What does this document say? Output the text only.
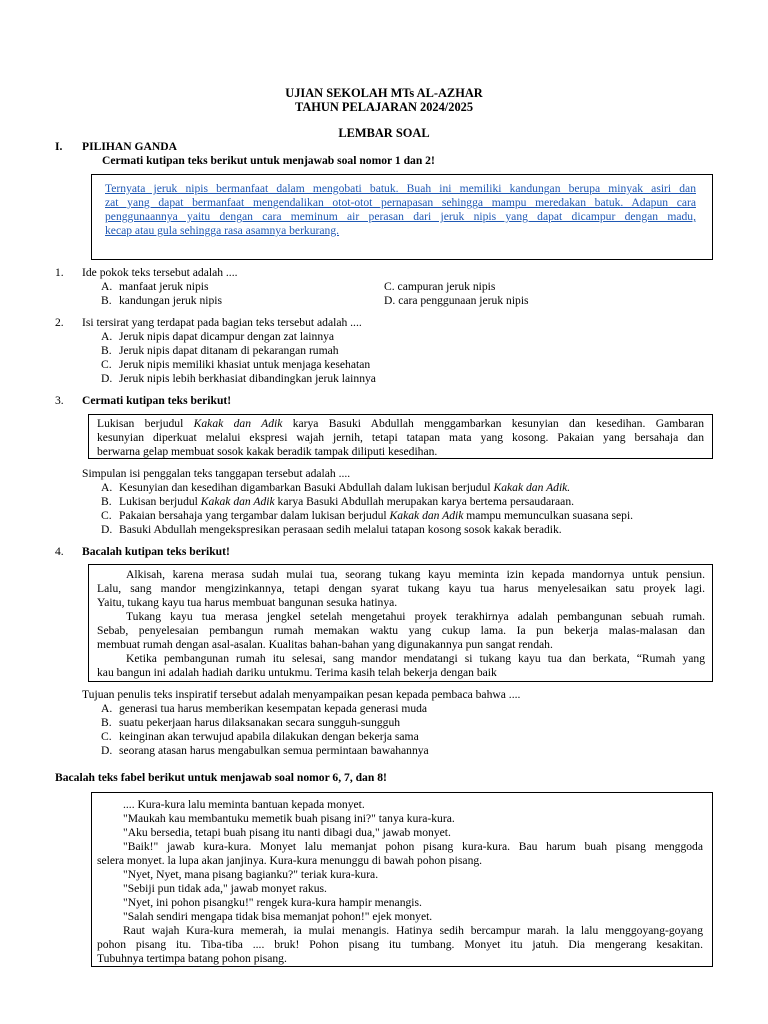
UJIAN SEKOLAH MTs AL-AZHAR
TAHUN PELAJARAN 2024/2025
LEMBAR SOAL
I. PILIHAN GANDA
Cermati kutipan teks berikut untuk menjawab soal nomor 1 dan 2!
Ternyata jeruk nipis bermanfaat dalam mengobati batuk. Buah ini memiliki kandungan berupa minyak asiri dan
zat yang dapat bermanfaat mengendalikan otot-otot pernapasan sehingga mampu meredakan batuk. Adapun cara
penggunaannya yaitu dengan cara meminum air perasan dari jeruk nipis yang dapat dicampur dengan madu,
kecap atau gula sehingga rasa asamnya berkurang.
1. Ide pokok teks tersebut adalah ....
A. manfaat jeruk nipis
B. kandungan jeruk nipis
C. campuran jeruk nipis
D. cara penggunaan jeruk nipis
2. Isi tersirat yang terdapat pada bagian teks tersebut adalah ....
A. Jeruk nipis dapat dicampur dengan zat lainnya
B. Jeruk nipis dapat ditanam di pekarangan rumah
C. Jeruk nipis memiliki khasiat untuk menjaga kesehatan
D. Jeruk nipis lebih berkhasiat dibandingkan jeruk lainnya
3. Cermati kutipan teks berikut!
Lukisan berjudul Kakak dan Adik karya Basuki Abdullah menggambarkan kesunyian dan kesedihan. Gambaran
kesunyian diperkuat melalui ekspresi wajah jernih, tetapi tatapan mata yang kosong. Pakaian yang bersahaja dan
berwarna gelap membuat sosok kakak beradik tampak diliputi kesedihan.
Simpulan isi penggalan teks tanggapan tersebut adalah ....
A. Kesunyian dan kesedihan digambarkan Basuki Abdullah dalam lukisan berjudul Kakak dan Adik.
B. Lukisan berjudul Kakak dan Adik karya Basuki Abdullah merupakan karya bertema persaudaraan.
C. Pakaian bersahaja yang tergambar dalam lukisan berjudul Kakak dan Adik mampu memunculkan suasana sepi.
D. Basuki Abdullah mengekspresikan perasaan sedih melalui tatapan kosong sosok kakak beradik.
4. Bacalah kutipan teks berikut!
Alkisah, karena merasa sudah mulai tua, seorang tukang kayu meminta izin kepada mandornya untuk pensiun.
Lalu, sang mandor mengizinkannya, tetapi dengan syarat tukang kayu tua harus menyelesaikan satu proyek lagi.
Yaitu, tukang kayu tua harus membuat bangunan sesuka hatinya.
Tukang kayu tua merasa jengkel setelah mengetahui proyek terakhirnya adalah pembangunan sebuah rumah.
Sebab, penyelesaian pembangun rumah memakan waktu yang cukup lama. Ia pun bekerja malas-malasan dan
membuat rumah dengan asal-asalan. Kualitas bahan-bahan yang digunakannya pun sangat rendah.
Ketika pembangunan rumah itu selesai, sang mandor mendatangi si tukang kayu tua dan berkata, “Rumah yang
kau bangun ini adalah hadiah dariku untukmu. Terima kasih telah bekerja dengan baik
Tujuan penulis teks inspiratif tersebut adalah menyampaikan pesan kepada pembaca bahwa ....
A. generasi tua harus memberikan kesempatan kepada generasi muda
B. suatu pekerjaan harus dilaksanakan secara sungguh-sungguh
C. keinginan akan terwujud apabila dilakukan dengan bekerja sama
D. seorang atasan harus mengabulkan semua permintaan bawahannya
Bacalah teks fabel berikut untuk menjawab soal nomor 6, 7, dan 8!
.... Kura-kura lalu meminta bantuan kepada monyet.
"Maukah kau membantuku memetik buah pisang ini?" tanya kura-kura.
"Aku bersedia, tetapi buah pisang itu nanti dibagi dua," jawab monyet.
"Baik!" jawab kura-kura. Monyet lalu memanjat pohon pisang kura-kura. Bau harum buah pisang menggoda
selera monyet. la lupa akan janjinya. Kura-kura menunggu di bawah pohon pisang.
"Nyet, Nyet, mana pisang bagianku?" teriak kura-kura.
"Sebiji pun tidak ada," jawab monyet rakus.
"Nyet, ini pohon pisangku!" rengek kura-kura hampir menangis.
"Salah sendiri mengapa tidak bisa memanjat pohon!" ejek monyet.
Raut wajah Kura-kura memerah, ia mulai menangis. Hatinya sedih bercampur marah. la lalu menggoyang-goyang
pohon pisang itu. Tiba-tiba .... bruk! Pohon pisang itu tumbang. Monyet itu jatuh. Dia mengerang kesakitan.
Tubuhnya tertimpa batang pohon pisang.
